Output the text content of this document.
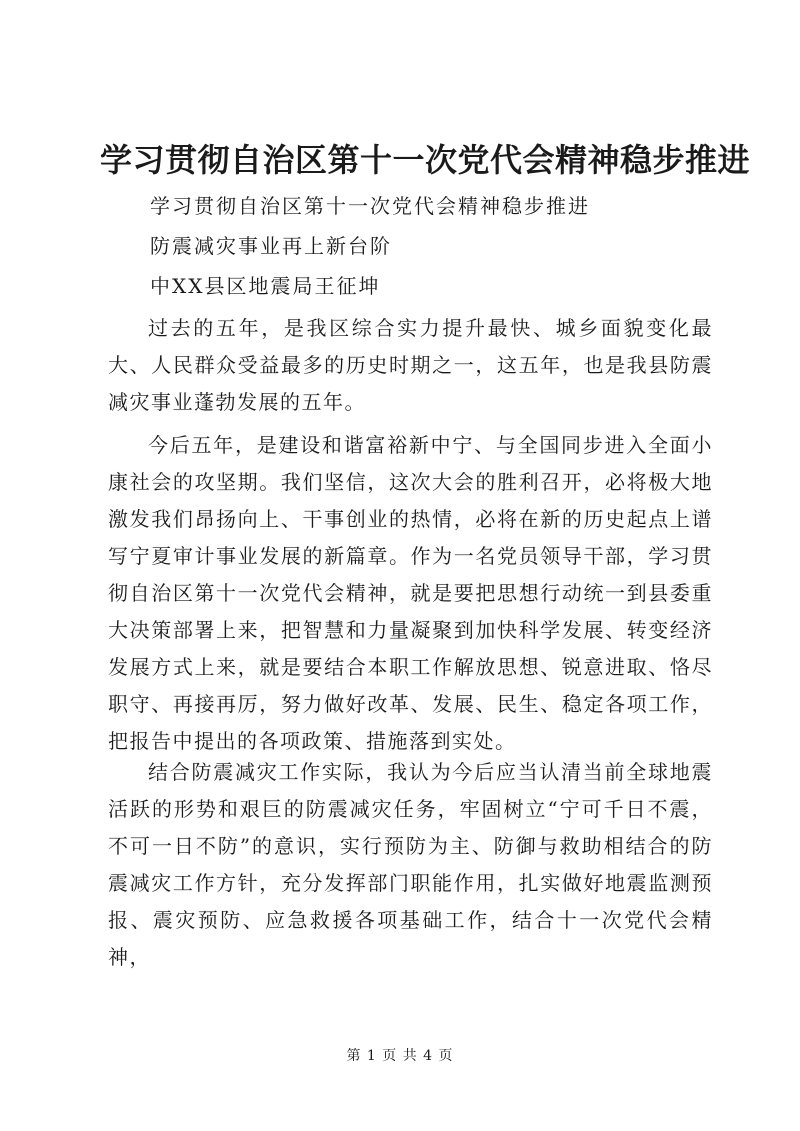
学习贯彻自治区第十一次党代会精神稳步推进
学习贯彻自治区第十一次党代会精神稳步推进
防震减灾事业再上新台阶
中XX县区地震局王征坤

过去的五年，是我区综合实力提升最快、城乡面貌变化最大、人民群众受益最多的历史时期之一，这五年，也是我县防震减灾事业蓬勃发展的五年。

今后五年，是建设和谐富裕新中宁、与全国同步进入全面小康社会的攻坚期。我们坚信，这次大会的胜利召开，必将极大地激发我们昂扬向上、干事创业的热情，必将在新的历史起点上谱写宁夏审计事业发展的新篇章。作为一名党员领导干部，学习贯彻自治区第十一次党代会精神，就是要把思想行动统一到县委重大决策部署上来，把智慧和力量凝聚到加快科学发展、转变经济发展方式上来，就是要结合本职工作解放思想、锐意进取、恪尽职守、再接再厉，努力做好改革、发展、民生、稳定各项工作，把报告中提出的各项政策、措施落到实处。

结合防震减灾工作实际，我认为今后应当认清当前全球地震活跃的形势和艰巨的防震减灾任务，牢固树立“宁可千日不震，不可一日不防”的意识，实行预防为主、防御与救助相结合的防震减灾工作方针，充分发挥部门职能作用，扎实做好地震监测预报、震灾预防、应急救援各项基础工作，结合十一次党代会精神，

第 1 页 共 4 页
